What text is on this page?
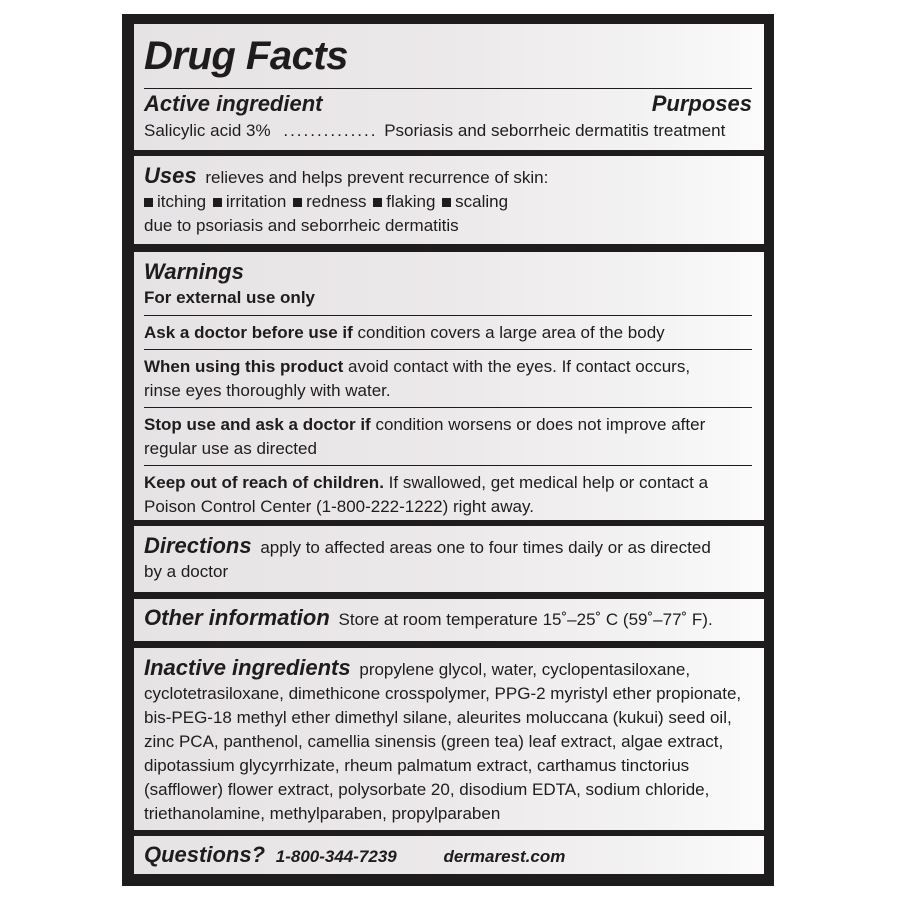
Drug Facts
Active ingredient	Purposes
Salicylic acid 3% .............. Psoriasis and seborrheic dermatitis treatment
Uses relieves and helps prevent recurrence of skin:
itching irritation redness flaking scaling
due to psoriasis and seborrheic dermatitis
Warnings
For external use only
Ask a doctor before use if condition covers a large area of the body
When using this product avoid contact with the eyes. If contact occurs,
rinse eyes thoroughly with water.
Stop use and ask a doctor if condition worsens or does not improve after
regular use as directed
Keep out of reach of children. If swallowed, get medical help or contact a
Poison Control Center (1-800-222-1222) right away.
Directions apply to affected areas one to four times daily or as directed
by a doctor
Other information Store at room temperature 15˚–25˚ C (59˚–77˚ F).
Inactive ingredients propylene glycol, water, cyclopentasiloxane,
cyclotetrasiloxane, dimethicone crosspolymer, PPG-2 myristyl ether propionate,
bis-PEG-18 methyl ether dimethyl silane, aleurites moluccana (kukui) seed oil,
zinc PCA, panthenol, camellia sinensis (green tea) leaf extract, algae extract,
dipotassium glycyrrhizate, rheum palmatum extract, carthamus tinctorius
(safflower) flower extract, polysorbate 20, disodium EDTA, sodium chloride,
triethanolamine, methylparaben, propylparaben
Questions? 1-800-344-7239	dermarest.com
